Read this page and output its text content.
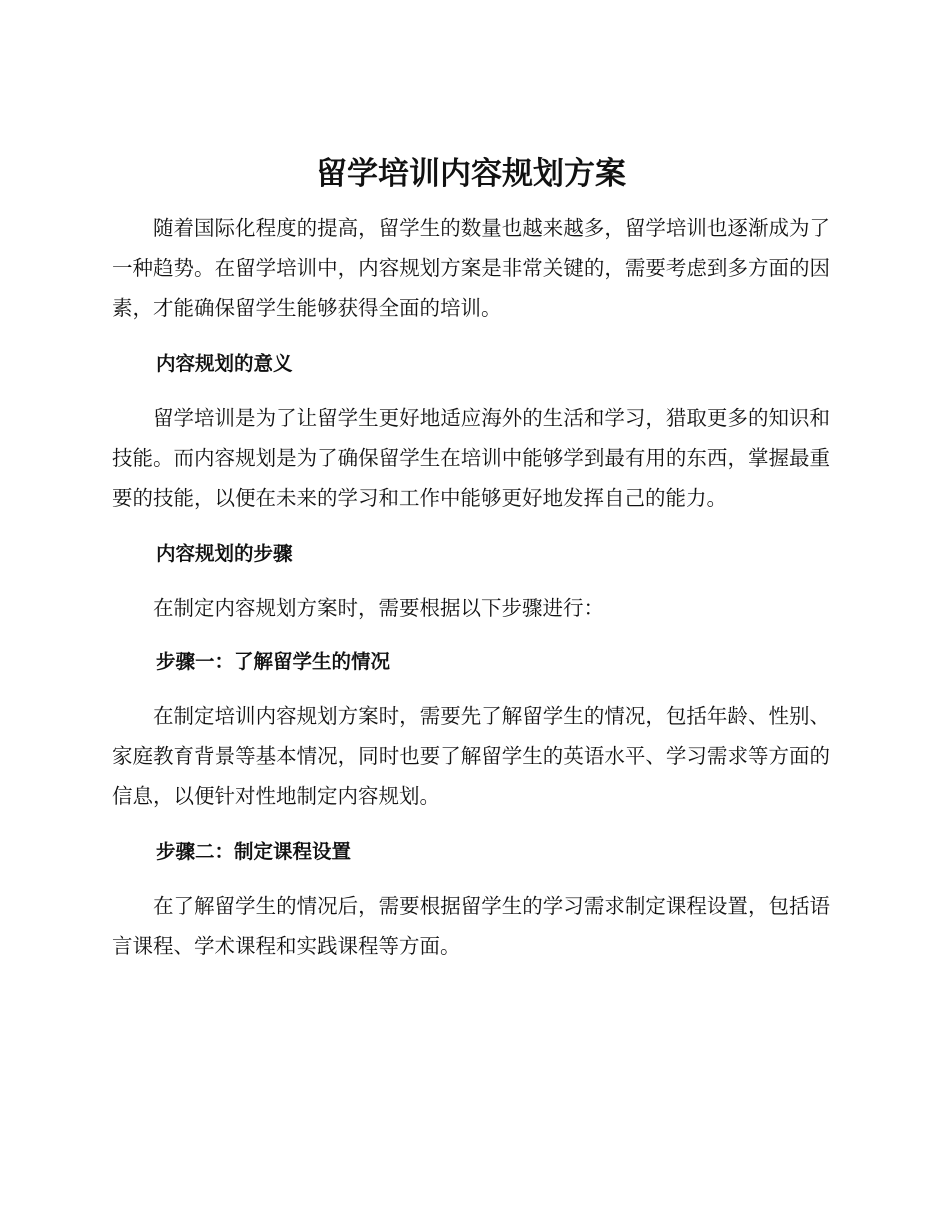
留学培训内容规划方案

随着国际化程度的提高，留学生的数量也越来越多，留学培训也逐渐成为了一种趋势。在留学培训中，内容规划方案是非常关键的，需要考虑到多方面的因素，才能确保留学生能够获得全面的培训。

内容规划的意义

留学培训是为了让留学生更好地适应海外的生活和学习，猎取更多的知识和技能。而内容规划是为了确保留学生在培训中能够学到最有用的东西，掌握最重要的技能，以便在未来的学习和工作中能够更好地发挥自己的能力。

内容规划的步骤

在制定内容规划方案时，需要根据以下步骤进行：

步骤一：了解留学生的情况

在制定培训内容规划方案时，需要先了解留学生的情况，包括年龄、性别、家庭教育背景等基本情况，同时也要了解留学生的英语水平、学习需求等方面的信息，以便针对性地制定内容规划。

步骤二：制定课程设置

在了解留学生的情况后，需要根据留学生的学习需求制定课程设置，包括语言课程、学术课程和实践课程等方面。
